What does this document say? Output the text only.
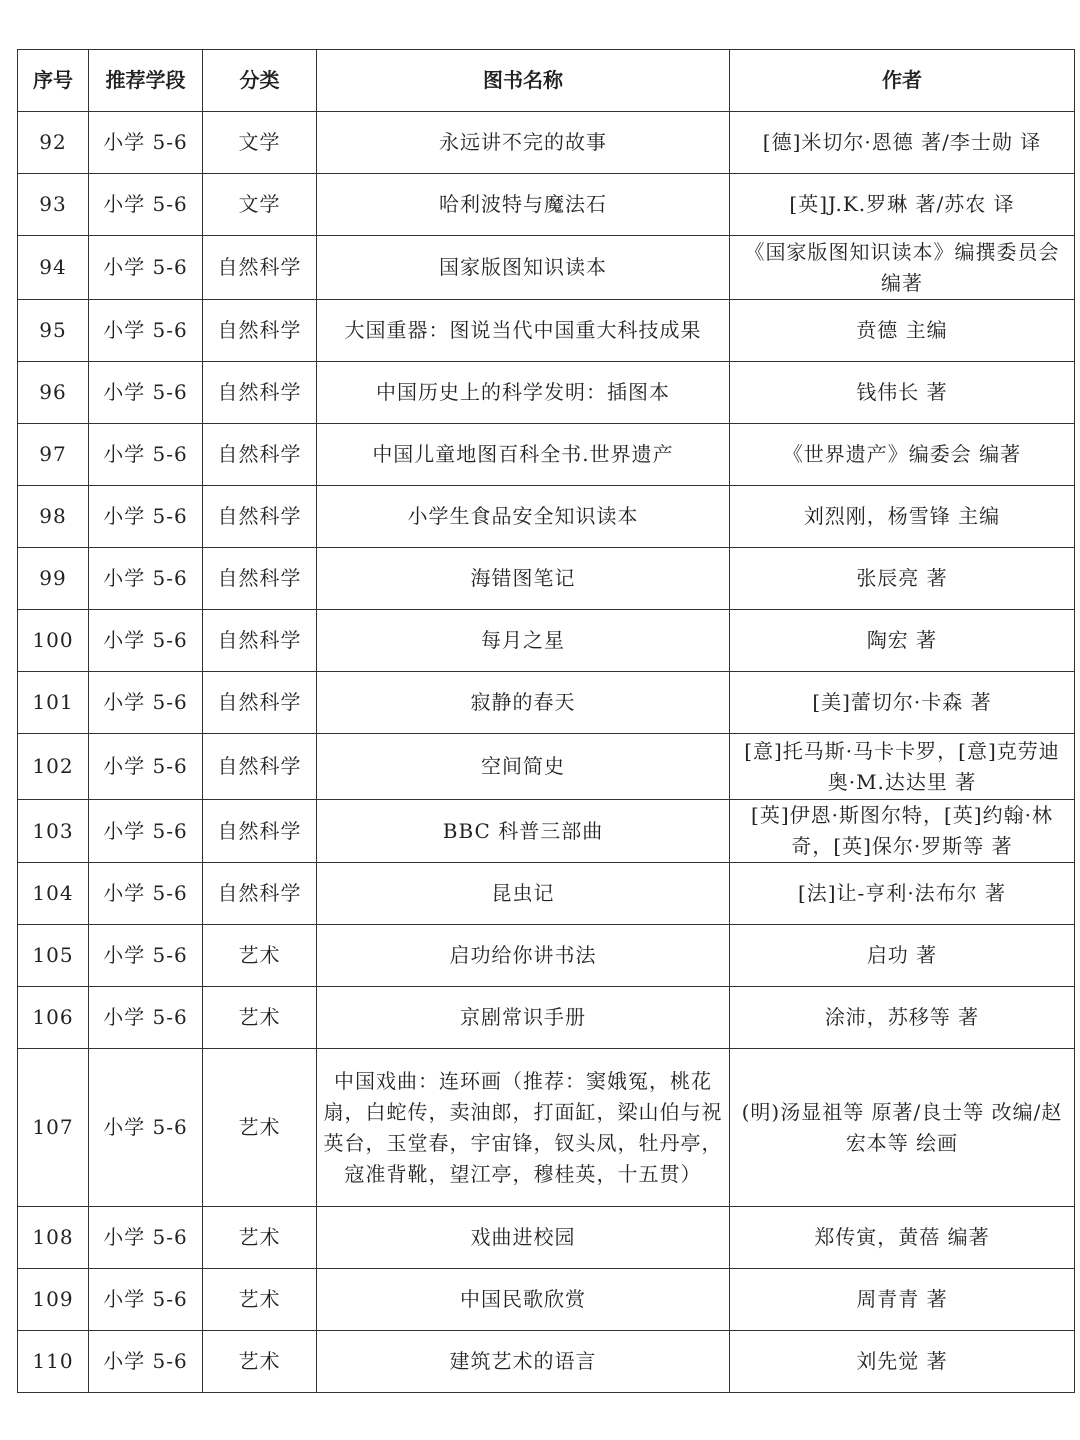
序号	推荐学段	分类	图书名称	作者
92	小学 5-6	文学	永远讲不完的故事	[德]米切尔·恩德 著/李士勋 译
93	小学 5-6	文学	哈利波特与魔法石	[英]J.K.罗琳 著/苏农 译
94	小学 5-6	自然科学	国家版图知识读本	《国家版图知识读本》编撰委员会 编著
95	小学 5-6	自然科学	大国重器：图说当代中国重大科技成果	贲德 主编
96	小学 5-6	自然科学	中国历史上的科学发明：插图本	钱伟长 著
97	小学 5-6	自然科学	中国儿童地图百科全书.世界遗产	《世界遗产》编委会 编著
98	小学 5-6	自然科学	小学生食品安全知识读本	刘烈刚，杨雪锋 主编
99	小学 5-6	自然科学	海错图笔记	张辰亮 著
100	小学 5-6	自然科学	每月之星	陶宏 著
101	小学 5-6	自然科学	寂静的春天	[美]蕾切尔·卡森 著
102	小学 5-6	自然科学	空间简史	[意]托马斯·马卡卡罗，[意]克劳迪奥·M.达达里 著
103	小学 5-6	自然科学	BBC 科普三部曲	[英]伊恩·斯图尔特，[英]约翰·林奇，[英]保尔·罗斯等 著
104	小学 5-6	自然科学	昆虫记	[法]让-亨利·法布尔 著
105	小学 5-6	艺术	启功给你讲书法	启功 著
106	小学 5-6	艺术	京剧常识手册	涂沛，苏移等 著
107	小学 5-6	艺术	中国戏曲：连环画（推荐：窦娥冤，桃花扇，白蛇传，卖油郎，打面缸，梁山伯与祝英台，玉堂春，宇宙锋，钗头凤，牡丹亭，寇准背靴，望江亭，穆桂英，十五贯）	(明)汤显祖等 原著/良士等 改编/赵宏本等 绘画
108	小学 5-6	艺术	戏曲进校园	郑传寅，黄蓓 编著
109	小学 5-6	艺术	中国民歌欣赏	周青青 著
110	小学 5-6	艺术	建筑艺术的语言	刘先觉 著
